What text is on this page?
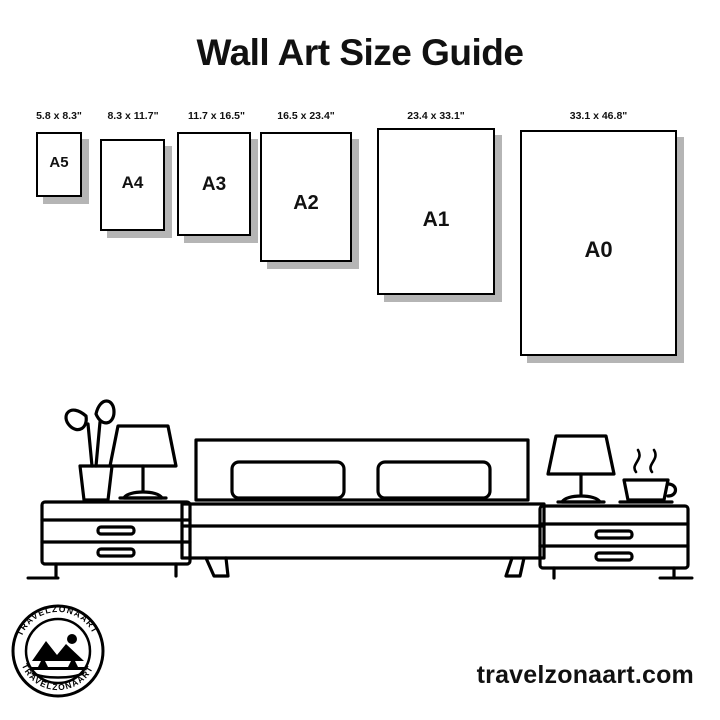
Wall Art Size Guide
5.8 x 8.3"
A5
8.3 x 11.7"
A4
11.7 x 16.5"
A3
16.5 x 23.4"
A2
23.4 x 33.1"
A1
33.1 x 46.8"
A0
TRAVELZONAART
TRAVELZONAART	travelzonaart.com
